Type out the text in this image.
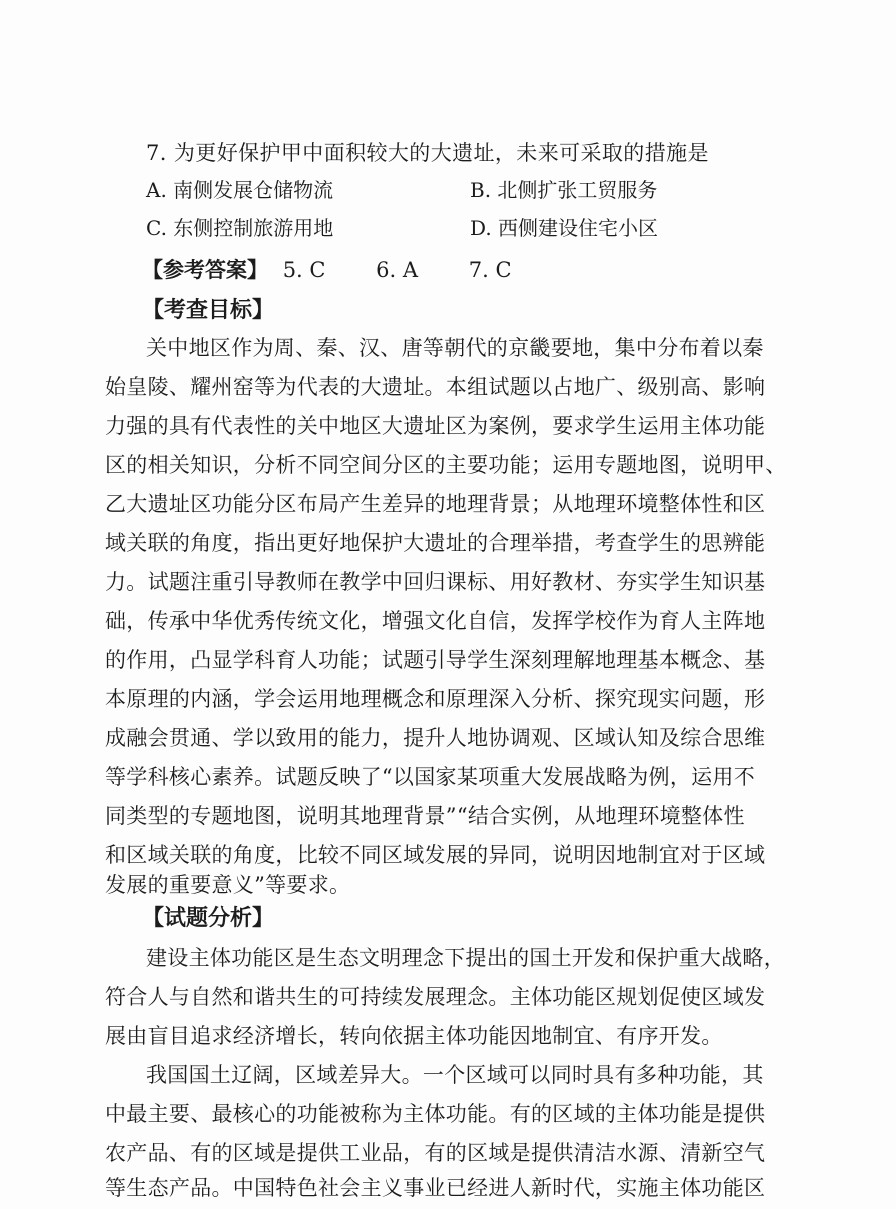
7. 为更好保护甲中面积较大的大遗址，未来可采取的措施是
A. 南侧发展仓储物流	B. 北侧扩张工贸服务
C. 东侧控制旅游用地	D. 西侧建设住宅小区
【参考答案】 5. C 6. A 7. C
【考查目标】
关中地区作为周、秦、汉、唐等朝代的京畿要地，集中分布着以秦
始皇陵、耀州窑等为代表的大遗址。本组试题以占地广、级别高、影响
力强的具有代表性的关中地区大遗址区为案例，要求学生运用主体功能
区的相关知识，分析不同空间分区的主要功能；运用专题地图，说明甲、
乙大遗址区功能分区布局产生差异的地理背景；从地理环境整体性和区
域关联的角度，指出更好地保护大遗址的合理举措，考查学生的思辨能
力。试题注重引导教师在教学中回归课标、用好教材、夯实学生知识基
础，传承中华优秀传统文化，增强文化自信，发挥学校作为育人主阵地
的作用，凸显学科育人功能；试题引导学生深刻理解地理基本概念、基
本原理的内涵，学会运用地理概念和原理深入分析、探究现实问题，形
成融会贯通、学以致用的能力，提升人地协调观、区域认知及综合思维
等学科核心素养。试题反映了“以国家某项重大发展战略为例，运用不
同类型的专题地图，说明其地理背景”“结合实例，从地理环境整体性
和区域关联的角度，比较不同区域发展的异同，说明因地制宜对于区域
发展的重要意义”等要求。
【试题分析】
建设主体功能区是生态文明理念下提出的国土开发和保护重大战略，
符合人与自然和谐共生的可持续发展理念。主体功能区规划促使区域发
展由盲目追求经济增长，转向依据主体功能因地制宜、有序开发。
我国国土辽阔，区域差异大。一个区域可以同时具有多种功能，其
中最主要、最核心的功能被称为主体功能。有的区域的主体功能是提供
农产品、有的区域是提供工业品，有的区域是提供清洁水源、清新空气
等生态产品。中国特色社会主义事业已经进人新时代，实施主体功能区
